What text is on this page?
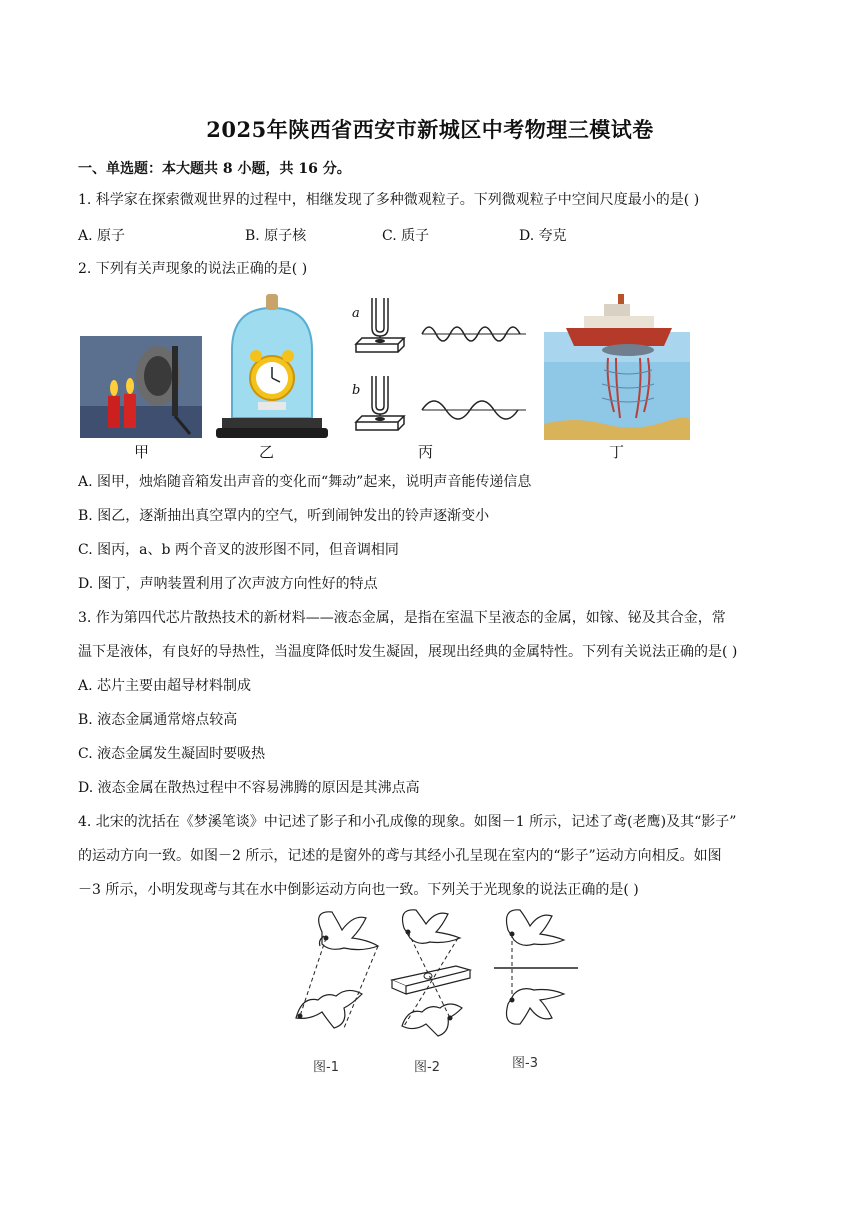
2025年陕西省西安市新城区中考物理三模试卷
一、单选题：本大题共 8 小题，共 16 分。
1. 科学家在探索微观世界的过程中，相继发现了多种微观粒子。下列微观粒子中空间尺度最小的是( )
A. 原子	B. 原子核	C. 质子	D. 夸克
2. 下列有关声现象的说法正确的是( )
甲	乙
a
b
丙	丁
A. 图甲，烛焰随音箱发出声音的变化而“舞动”起来，说明声音能传递信息
B. 图乙，逐渐抽出真空罩内的空气，听到闹钟发出的铃声逐渐变小
C. 图丙，a、b 两个音叉的波形图不同，但音调相同
D. 图丁，声呐装置利用了次声波方向性好的特点
3. 作为第四代芯片散热技术的新材料——液态金属，是指在室温下呈液态的金属，如镓、铋及其合金，常
温下是液体，有良好的导热性，当温度降低时发生凝固，展现出经典的金属特性。下列有关说法正确的是( )
A. 芯片主要由超导材料制成
B. 液态金属通常熔点较高
C. 液态金属发生凝固时要吸热
D. 液态金属在散热过程中不容易沸腾的原因是其沸点高
4. 北宋的沈括在《梦溪笔谈》中记述了影子和小孔成像的现象。如图－1 所示，记述了鸢(老鹰)及其“影子”
的运动方向一致。如图－2 所示，记述的是窗外的鸢与其经小孔呈现在室内的“影子”运动方向相反。如图
－3 所示，小明发现鸢与其在水中倒影运动方向也一致。下列关于光现象的说法正确的是( )
图-1	图-2	图-3
